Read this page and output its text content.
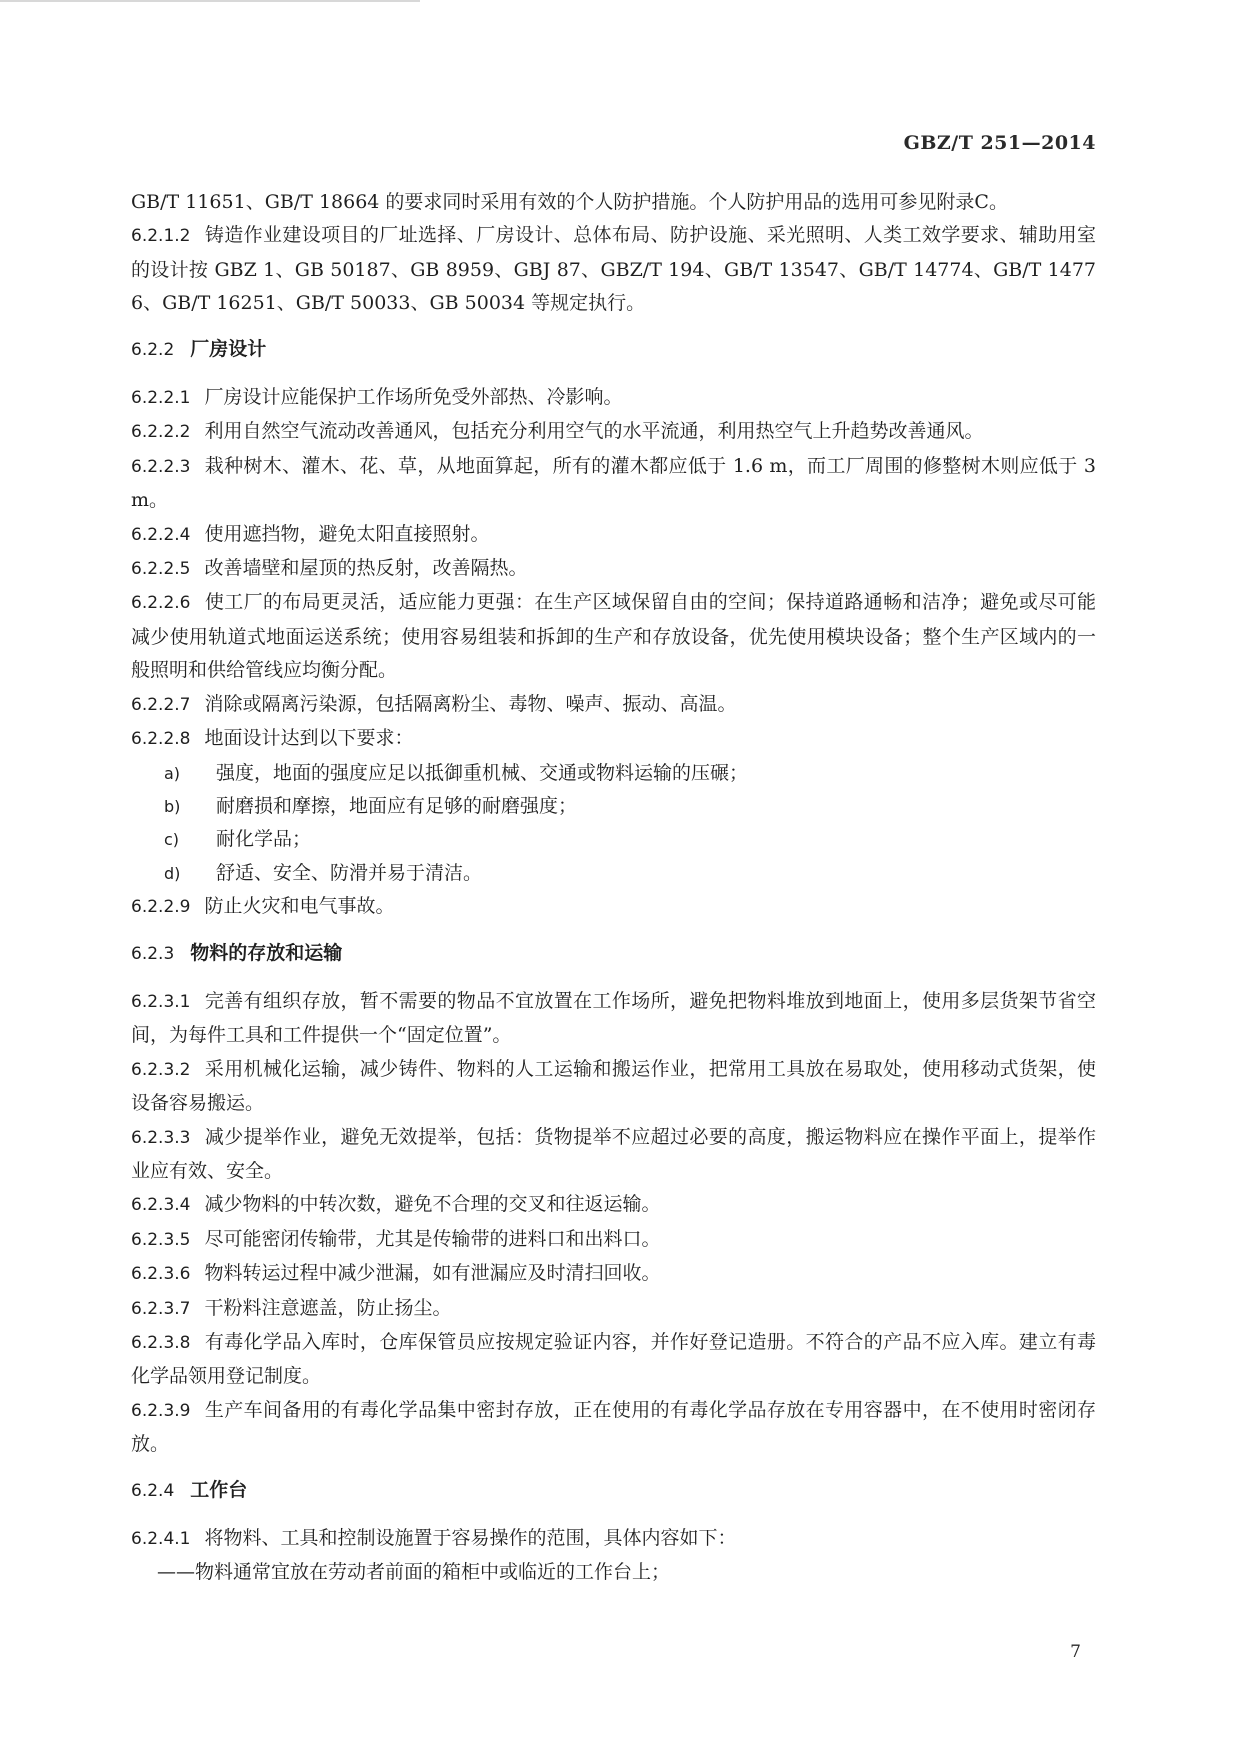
GBZ/T 251—2014

GB/T 11651、GB/T 18664 的要求同时采用有效的个人防护措施。个人防护用品的选用可参见附录C。

6.2.1.2 铸造作业建设项目的厂址选择、厂房设计、总体布局、防护设施、采光照明、人类工效学要求、辅助用室的设计按 GBZ 1、GB 50187、GB 8959、GBJ 87、GBZ/T 194、GB/T 13547、GB/T 14774、GB/T 14776、GB/T 16251、GB/T 50033、GB 50034 等规定执行。

6.2.2 厂房设计

6.2.2.1 厂房设计应能保护工作场所免受外部热、冷影响。

6.2.2.2 利用自然空气流动改善通风，包括充分利用空气的水平流通，利用热空气上升趋势改善通风。

6.2.2.3 栽种树木、灌木、花、草，从地面算起，所有的灌木都应低于 1.6 m，而工厂周围的修整树木则应低于 3 m。

6.2.2.4 使用遮挡物，避免太阳直接照射。

6.2.2.5 改善墙壁和屋顶的热反射，改善隔热。

6.2.2.6 使工厂的布局更灵活，适应能力更强：在生产区域保留自由的空间；保持道路通畅和洁净；避免或尽可能减少使用轨道式地面运送系统；使用容易组装和拆卸的生产和存放设备，优先使用模块设备；整个生产区域内的一般照明和供给管线应均衡分配。

6.2.2.7 消除或隔离污染源，包括隔离粉尘、毒物、噪声、振动、高温。

6.2.2.8 地面设计达到以下要求：

a) 强度，地面的强度应足以抵御重机械、交通或物料运输的压碾；

b) 耐磨损和摩擦，地面应有足够的耐磨强度；

c) 耐化学品；

d) 舒适、安全、防滑并易于清洁。

6.2.2.9 防止火灾和电气事故。

6.2.3 物料的存放和运输

6.2.3.1 完善有组织存放，暂不需要的物品不宜放置在工作场所，避免把物料堆放到地面上，使用多层货架节省空间，为每件工具和工件提供一个“固定位置”。

6.2.3.2 采用机械化运输，减少铸件、物料的人工运输和搬运作业，把常用工具放在易取处，使用移动式货架，使设备容易搬运。

6.2.3.3 减少提举作业，避免无效提举，包括：货物提举不应超过必要的高度，搬运物料应在操作平面上，提举作业应有效、安全。

6.2.3.4 减少物料的中转次数，避免不合理的交叉和往返运输。

6.2.3.5 尽可能密闭传输带，尤其是传输带的进料口和出料口。

6.2.3.6 物料转运过程中减少泄漏，如有泄漏应及时清扫回收。

6.2.3.7 干粉料注意遮盖，防止扬尘。

6.2.3.8 有毒化学品入库时，仓库保管员应按规定验证内容，并作好登记造册。不符合的产品不应入库。建立有毒化学品领用登记制度。

6.2.3.9 生产车间备用的有毒化学品集中密封存放，正在使用的有毒化学品存放在专用容器中，在不使用时密闭存放。

6.2.4 工作台

6.2.4.1 将物料、工具和控制设施置于容易操作的范围，具体内容如下：

——物料通常宜放在劳动者前面的箱柜中或临近的工作台上；

7
